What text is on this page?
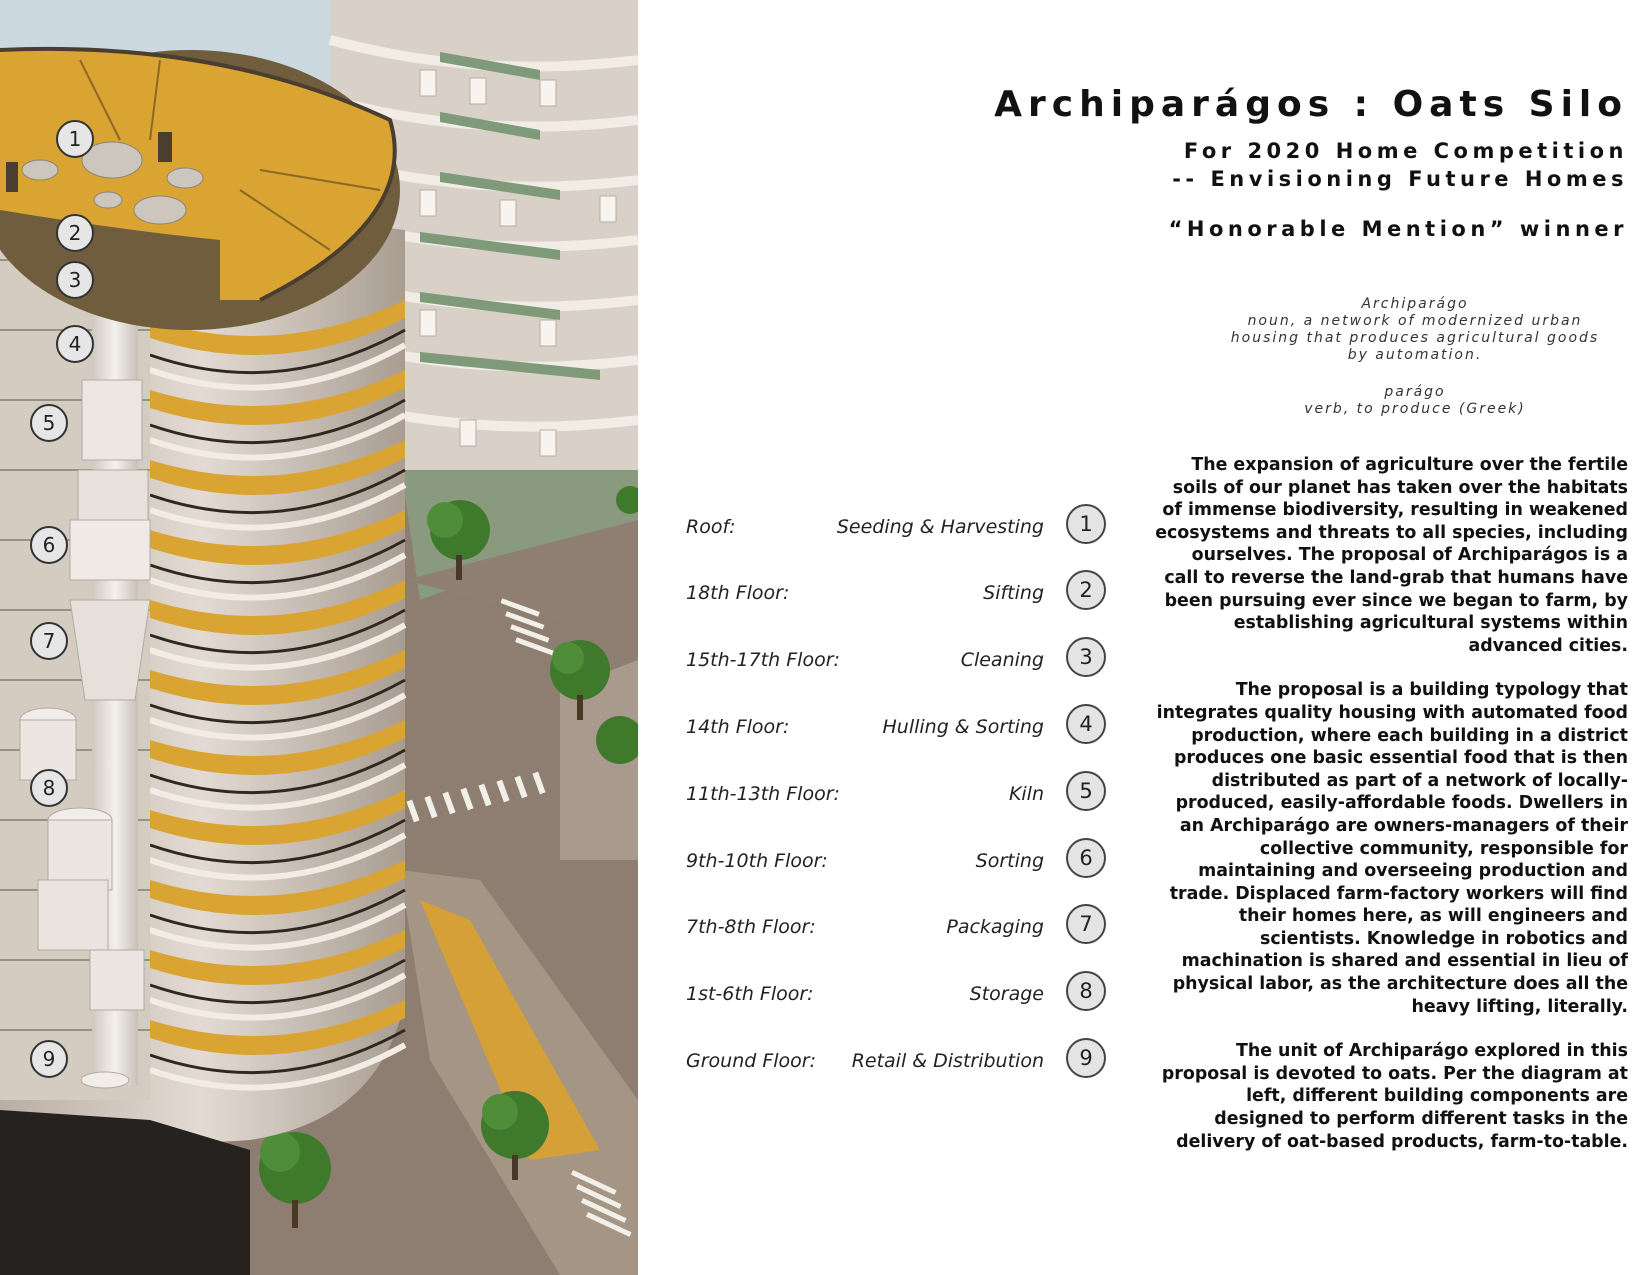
1
2
3
4
5
6
7
8
9
Archiparágos : Oats Silo

For 2020 Home Competition

-- Envisioning Future Homes

“Honorable Mention” winner

Archiparágo

noun, a network of modernized urban

housing that produces agricultural goods

by automation.

parágo

verb, to produce (Greek)

Roof:	Seeding & Harvesting	1
18th Floor:	Sifting	2
15th-17th Floor:	Cleaning	3
14th Floor:	Hulling & Sorting	4
11th-13th Floor:	Kiln	5
9th-10th Floor:	Sorting	6
7th-8th Floor:	Packaging	7
1st-6th Floor:	Storage	8
Ground Floor: Retail & Distribution	9

The expansion of agriculture over the fertile soils of our planet has taken over the habitats of immense biodiversity, resulting in weakened ecosystems and threats to all species, including ourselves. The proposal of Archiparágos is a call to reverse the land-grab that humans have been pursuing ever since we began to farm, by establishing agricultural systems within advanced cities.

The proposal is a building typology that integrates quality housing with automated food production, where each building in a district produces one basic essential food that is then distributed as part of a network of locally-produced, easily-affordable foods. Dwellers in an Archiparágo are owners-managers of their collective community, responsible for maintaining and overseeing production and trade. Displaced farm-factory workers will find their homes here, as will engineers and scientists. Knowledge in robotics and machination is shared and essential in lieu of physical labor, as the architecture does all the heavy lifting, literally.

The unit of Archiparágo explored in this proposal is devoted to oats. Per the diagram at left, different building components are designed to perform different tasks in the delivery of oat-based products, farm-to-table.
